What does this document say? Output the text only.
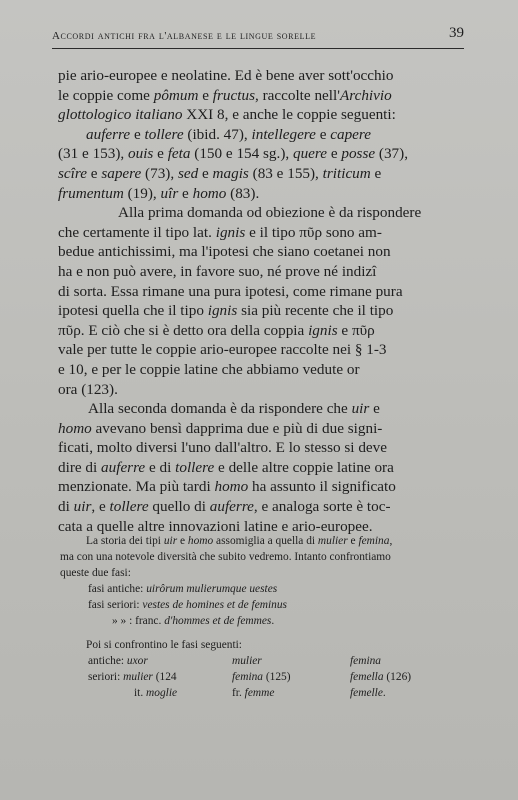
Accordi antichi fra l'albanese e le lingue sorelle	39

pie ario-europee e neolatine. Ed è bene aver sott'occhio
le coppie come pômum e fructus, raccolte nell'Archivio
glottologico italiano XXI 8, e anche le coppie seguenti:
auferre e tollere (ibid. 47), intellegere e capere
(31 e 153), ouis e feta (150 e 154 sg.), quere e posse (37),
scîre e sapere (73), sed e magis (83 e 155), triticum e
frumentum (19), uîr e homo (83).

Alla prima domanda od obiezione è da rispondere
che certamente il tipo lat. ignis e il tipo πῦρ sono am-
bedue antichissimi, ma l'ipotesi che siano coetanei non
ha e non può avere, in favore suo, né prove né indizî
di sorta. Essa rimane una pura ipotesi, come rimane pura
ipotesi quella che il tipo ignis sia più recente che il tipo
πῦρ. E ciò che si è detto ora della coppia ignis e πῦρ
vale per tutte le coppie ario-europee raccolte nei § 1-3
e 10, e per le coppie latine che abbiamo vedute or
ora (123).

Alla seconda domanda è da rispondere che uir e
homo avevano bensì dapprima due e più di due signi-
ficati, molto diversi l'uno dall'altro. E lo stesso si deve
dire di auferre e di tollere e delle altre coppie latine ora
menzionate. Ma più tardi homo ha assunto il significato
di uir, e tollere quello di auferre, e analoga sorte è toc-
cata a quelle altre innovazioni latine e ario-europee.

La storia dei tipi uir e homo assomiglia a quella di mulier e femina,
ma con una notevole diversità che subito vedremo. Intanto confrontiamo
queste due fasi:
fasi antiche: uirôrum mulierumque uestes
fasi seriori: vestes de homines et de feminus
» » : franc. d'hommes et de femmes.
Poi si confrontino le fasi seguenti:
antiche: uxor	mulier	femina
seriori: mulier (124	femina (125)	femella (126)
it. moglie	fr. femme	femelle.
